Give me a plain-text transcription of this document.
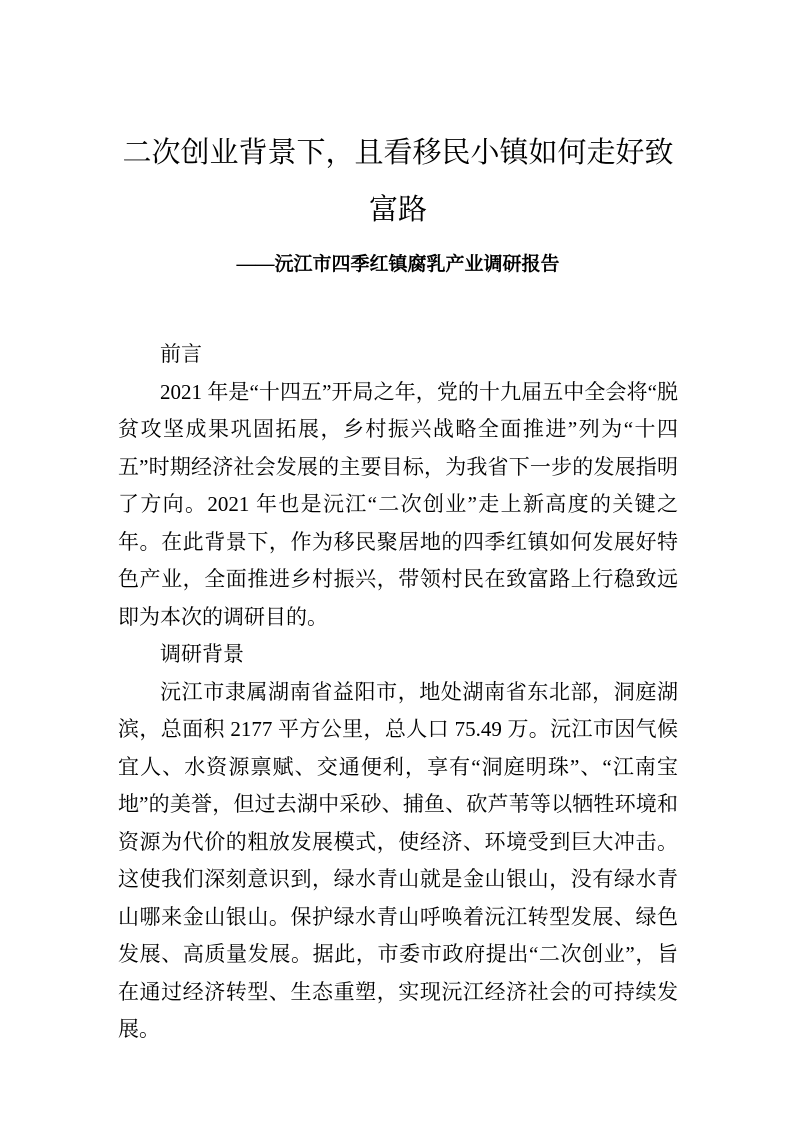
二次创业背景下，且看移民小镇如何走好致富路
——沅江市四季红镇腐乳产业调研报告

前言

2021 年是“十四五”开局之年，党的十九届五中全会将“脱贫攻坚成果巩固拓展，乡村振兴战略全面推进”列为“十四五”时期经济社会发展的主要目标，为我省下一步的发展指明了方向。2021 年也是沅江“二次创业”走上新高度的关键之年。在此背景下，作为移民聚居地的四季红镇如何发展好特色产业，全面推进乡村振兴，带领村民在致富路上行稳致远即为本次的调研目的。

调研背景

沅江市隶属湖南省益阳市，地处湖南省东北部，洞庭湖滨，总面积 2177 平方公里，总人口 75.49 万。沅江市因气候宜人、水资源禀赋、交通便利，享有“洞庭明珠”、“江南宝地”的美誉，但过去湖中采砂、捕鱼、砍芦苇等以牺牲环境和资源为代价的粗放发展模式，使经济、环境受到巨大冲击。这使我们深刻意识到，绿水青山就是金山银山，没有绿水青山哪来金山银山。保护绿水青山呼唤着沅江转型发展、绿色发展、高质量发展。据此，市委市政府提出“二次创业”，旨在通过经济转型、生态重塑，实现沅江经济社会的可持续发展。
